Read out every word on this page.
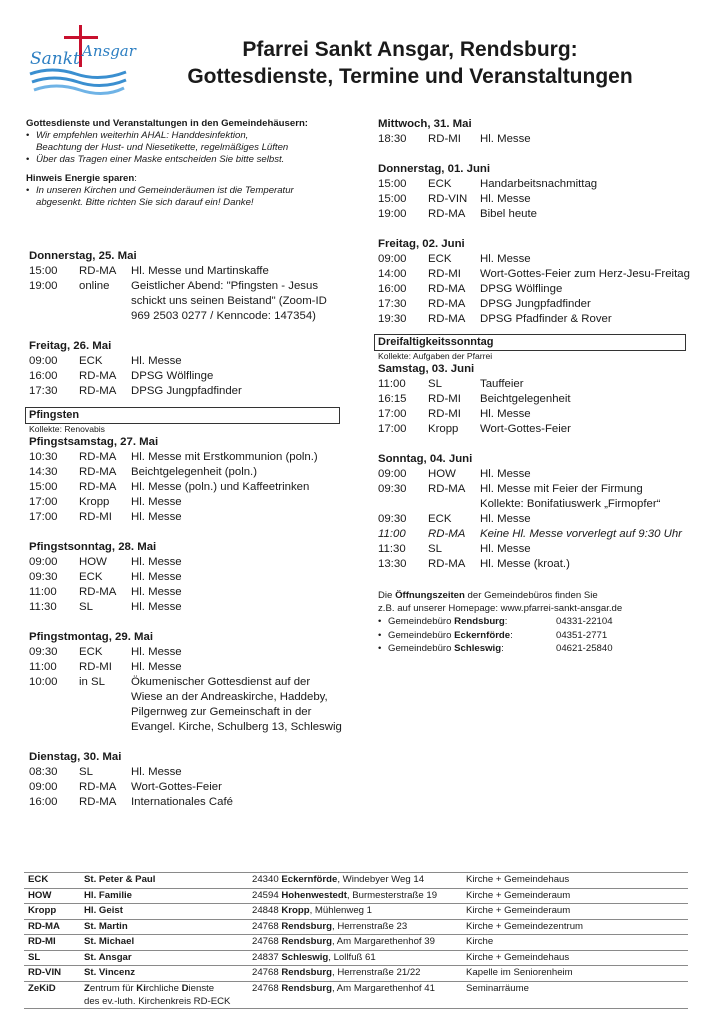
Sankt Ansgar	Pfarrei Sankt Ansgar, Rendsburg:
Gottesdienste, Termine und Veranstaltungen
Gottesdienste und Veranstaltungen in den Gemeindehäusern:
• Wir empfehlen weiterhin AHAL: Handdesinfektion,
Beachtung der Hust- und Niesetikette, regelmäßiges Lüften
• Über das Tragen einer Maske entscheiden Sie bitte selbst.
Hinweis Energie sparen:
• In unseren Kirchen und Gemeinderäumen ist die Temperatur
abgesenkt. Bitte richten Sie sich darauf ein! Danke!
Donnerstag, 25. Mai
15:00 RD-MA Hl. Messe und Martinskaffe
19:00 online Geistlicher Abend: "Pfingsten - Jesus
schickt uns seinen Beistand" (Zoom-ID
969 2503 0277 / Kenncode: 147354)
Freitag, 26. Mai
09:00 ECK	Hl. Messe
16:00 RD-MA DPSG Wölflinge
17:30 RD-MA DPSG Jungpfadfinder
Pfingsten
Kollekte: Renovabis
Pfingstsamstag, 27. Mai
10:30 RD-MA Hl. Messe mit Erstkommunion (poln.)
14:30 RD-MA Beichtgelegenheit (poln.)
15:00 RD-MA Hl. Messe (poln.) und Kaffeetrinken
17:00 Kropp Hl. Messe
17:00 RD-MI Hl. Messe
Pfingstsonntag, 28. Mai
09:00 HOW Hl. Messe
09:30 ECK	Hl. Messe
11:00 RD-MA Hl. Messe
11:30 SL	Hl. Messe
Pfingstmontag, 29. Mai
09:30 ECK	Hl. Messe
11:00 RD-MI Hl. Messe
10:00 in SL Ökumenischer Gottesdienst auf der
Wiese an der Andreaskirche, Haddeby,
Pilgernweg zur Gemeinschaft in der
Evangel. Kirche, Schulberg 13, Schleswig
Dienstag, 30. Mai
08:30 SL	Hl. Messe
09:00 RD-MA Wort-Gottes-Feier
16:00 RD-MA Internationales Café
Mittwoch, 31. Mai
18:30 RD-MI Hl. Messe
Donnerstag, 01. Juni
15:00 ECK	Handarbeitsnachmittag
15:00 RD-VIN Hl. Messe
19:00 RD-MA Bibel heute
Freitag, 02. Juni
09:00 ECK	Hl. Messe
14:00 RD-MI Wort-Gottes-Feier zum Herz-Jesu-Freitag
16:00 RD-MA DPSG Wölflinge
17:30 RD-MA DPSG Jungpfadfinder
19:30 RD-MA DPSG Pfadfinder & Rover
Dreifaltigkeitssonntag
Kollekte: Aufgaben der Pfarrei
Samstag, 03. Juni
11:00 SL	Tauffeier
16:15 RD-MI Beichtgelegenheit
17:00 RD-MI Hl. Messe
17:00 Kropp Wort-Gottes-Feier
Sonntag, 04. Juni
09:00 HOW Hl. Messe
09:30 RD-MA Hl. Messe mit Feier der Firmung
Kollekte: Bonifatiuswerk „Firmopfer“
09:30 ECK	Hl. Messe
11:00 RD-MA Keine Hl. Messe vorverlegt auf 9:30 Uhr
11:30 SL	Hl. Messe
13:30 RD-MA Hl. Messe (kroat.)
Die Öffnungszeiten der Gemeindebüros finden Sie
z.B. auf unserer Homepage: www.pfarrei-sankt-ansgar.de
• Gemeindebüro Rendsburg:	04331-22104
• Gemeindebüro Eckernförde:	04351-2771
• Gemeindebüro Schleswig:	04621-25840
ECK	St. Peter & Paul	24340 Eckernförde, Windebyer Weg 14	Kirche + Gemeindehaus
HOW	Hl. Familie	24594 Hohenwestedt, Burmesterstraße 19	Kirche + Gemeinderaum
Kropp	Hl. Geist	24848 Kropp, Mühlenweg 1	Kirche + Gemeinderaum
RD-MA	St. Martin	24768 Rendsburg, Herrenstraße 23	Kirche + Gemeindezentrum
RD-MI	St. Michael	24768 Rendsburg, Am Margarethenhof 39	Kirche
SL	St. Ansgar	24837 Schleswig, Lollfuß 61	Kirche + Gemeindehaus
RD-VIN	St. Vincenz	24768 Rendsburg, Herrenstraße 21/22	Kapelle im Seniorenheim
ZeKiD	Zentrum für Kirchliche Dienste
des ev.-luth. Kirchenkreis RD-ECK	24768 Rendsburg, Am Margarethenhof 41	Seminarräume
